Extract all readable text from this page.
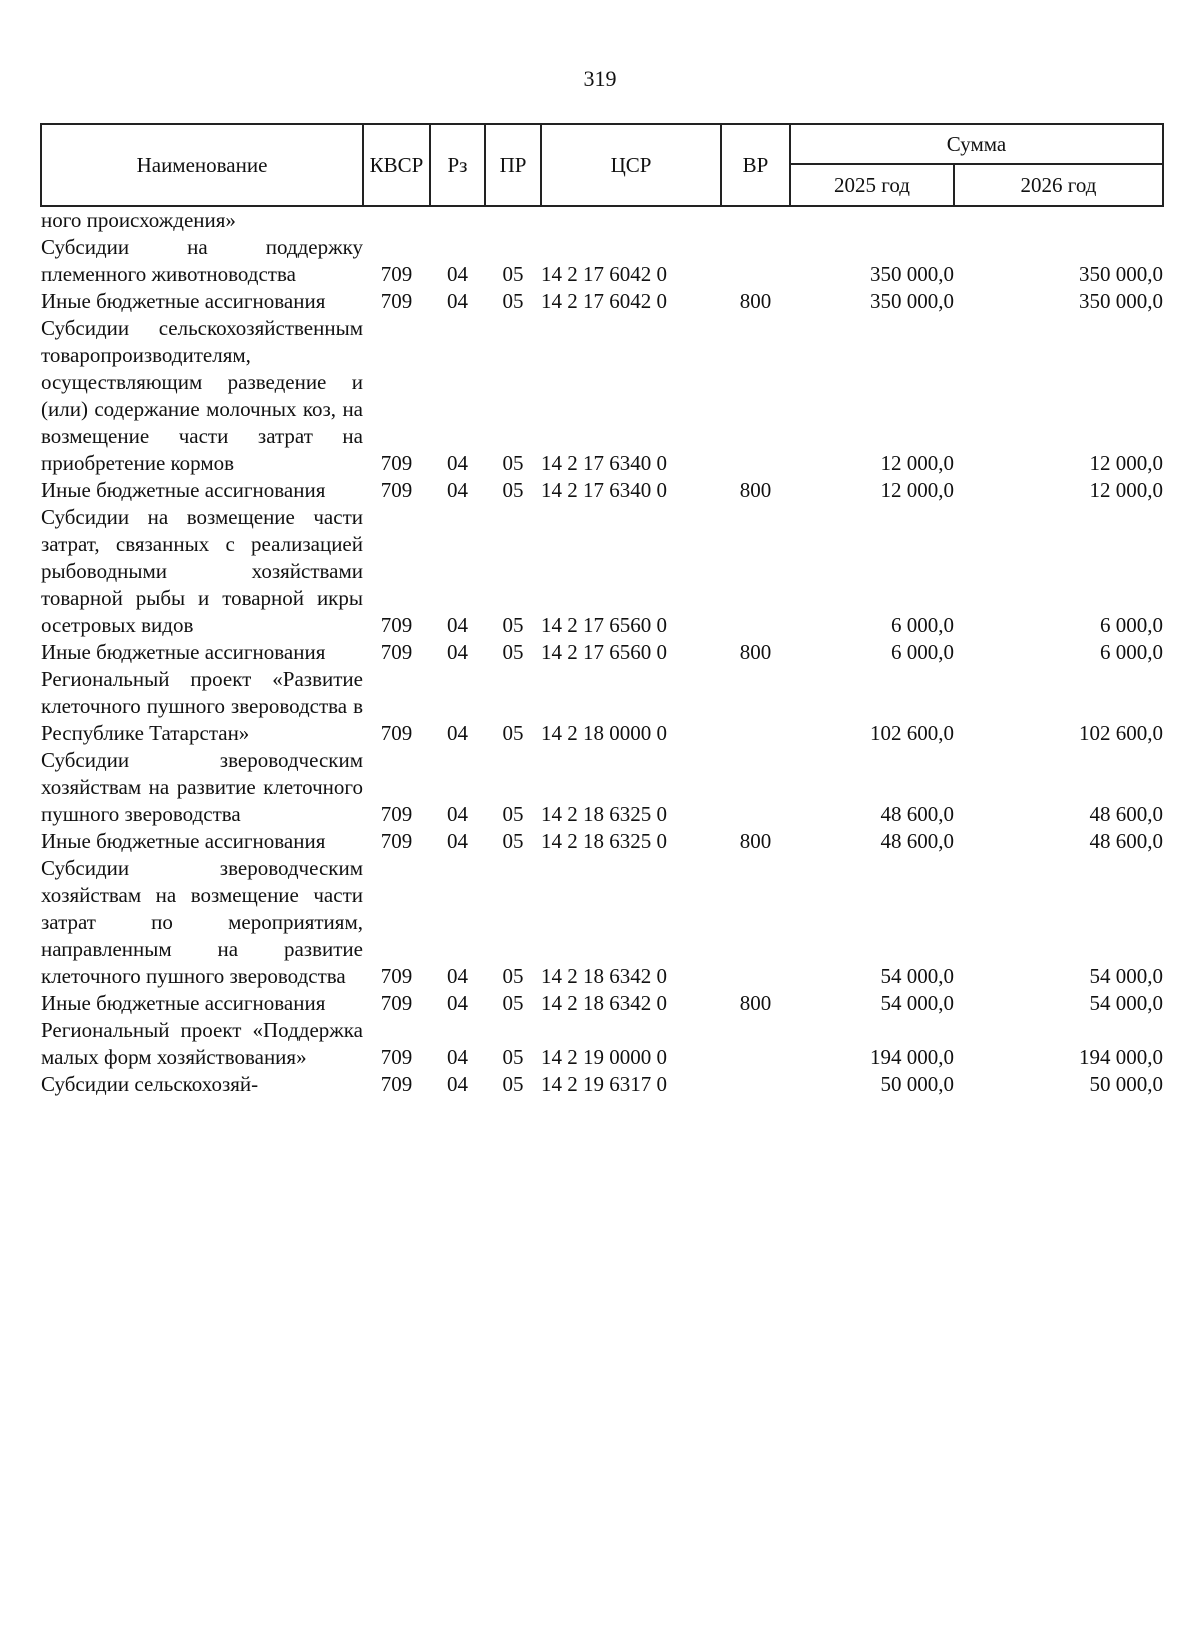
319
Наименование	КВСР	Рз	ПР	ЦСР	ВР	Сумма	
						2025 год	2026 год
ного происхождения»							
Субсидии на поддержку племенного животноводства	709	04	05	14 2 17 6042 0		350 000,0	350 000,0
Иные бюджетные ассигнования	709	04	05	14 2 17 6042 0	800	350 000,0	350 000,0
Субсидии сельскохозяйственным товаропроизводителям, осуществляющим разведение и (или) содержание молочных коз, на возмещение части затрат на приобретение кормов	709	04	05	14 2 17 6340 0		12 000,0	12 000,0
Иные бюджетные ассигнования	709	04	05	14 2 17 6340 0	800	12 000,0	12 000,0
Субсидии на возмещение части затрат, связанных с реализацией рыбоводными хозяйствами товарной рыбы и товарной икры осетровых видов	709	04	05	14 2 17 6560 0		6 000,0	6 000,0
Иные бюджетные ассигнования	709	04	05	14 2 17 6560 0	800	6 000,0	6 000,0
Региональный проект «Развитие клеточного пушного звероводства в Республике Татарстан»	709	04	05	14 2 18 0000 0		102 600,0	102 600,0
Субсидии звероводческим хозяйствам на развитие клеточного пушного звероводства	709	04	05	14 2 18 6325 0		48 600,0	48 600,0
Иные бюджетные ассигнования	709	04	05	14 2 18 6325 0	800	48 600,0	48 600,0
Субсидии звероводческим хозяйствам на возмещение части затрат по мероприятиям, направленным на развитие клеточного пушного звероводства	709	04	05	14 2 18 6342 0		54 000,0	54 000,0
Иные бюджетные ассигнования	709	04	05	14 2 18 6342 0	800	54 000,0	54 000,0
Региональный проект «Поддержка малых форм хозяйствования»	709	04	05	14 2 19 0000 0		194 000,0	194 000,0
Субсидии сельскохозяй-	709	04	05	14 2 19 6317 0		50 000,0	50 000,0
